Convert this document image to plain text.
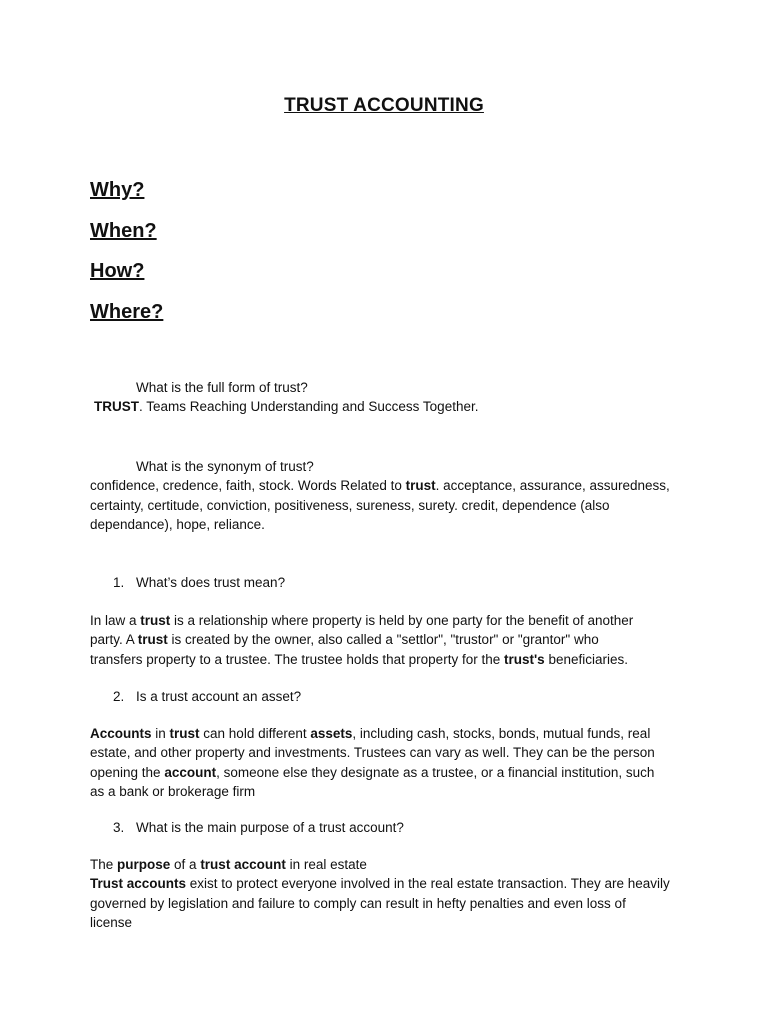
TRUST ACCOUNTING
Why?
When?
How?
Where?
What is the full form of trust?
TRUST. Teams Reaching Understanding and Success Together.
What is the synonym of trust?
confidence, credence, faith, stock. Words Related to trust. acceptance, assurance, assuredness,
certainty, certitude, conviction, positiveness, sureness, surety. credit, dependence (also
dependance), hope, reliance.
1. What’s does trust mean?
In law a trust is a relationship where property is held by one party for the benefit of another
party. A trust is created by the owner, also called a "settlor", "trustor" or "grantor" who
transfers property to a trustee. The trustee holds that property for the trust's beneficiaries.
2. Is a trust account an asset?
Accounts in trust can hold different assets, including cash, stocks, bonds, mutual funds, real
estate, and other property and investments. Trustees can vary as well. They can be the person
opening the account, someone else they designate as a trustee, or a financial institution, such
as a bank or brokerage firm
3. What is the main purpose of a trust account?
The purpose of a trust account in real estate
Trust accounts exist to protect everyone involved in the real estate transaction. They are heavily
governed by legislation and failure to comply can result in hefty penalties and even loss of
license
